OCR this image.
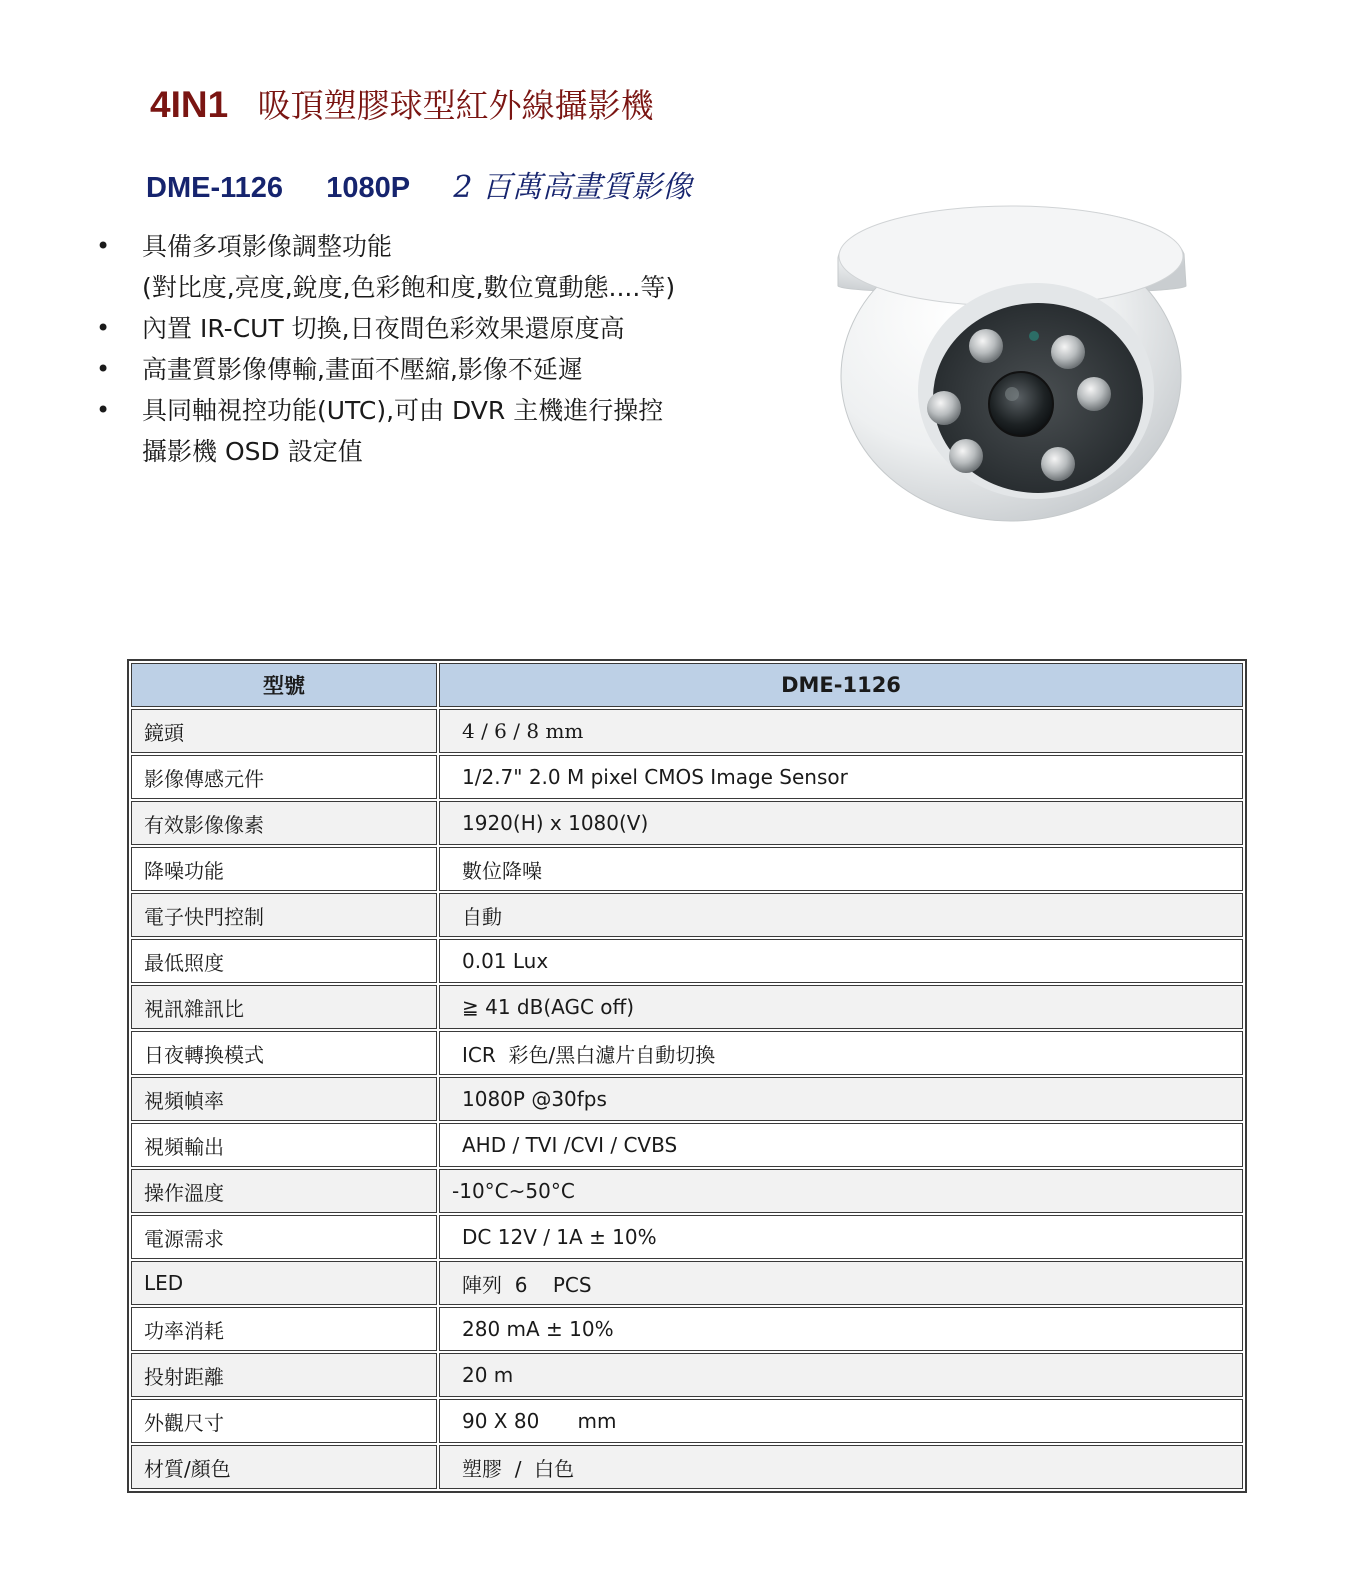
4IN1 吸頂塑膠球型紅外線攝影機
DME-1126 1080P 2 百萬高畫質影像
• 具備多項影像調整功能
(對比度,亮度,銳度,色彩飽和度,數位寬動態....等)
• 內置 IR-CUT 切換,日夜間色彩效果還原度高
• 高畫質影像傳輸,畫面不壓縮,影像不延遲
• 具同軸視控功能(UTC),可由 DVR 主機進行操控
攝影機 OSD 設定值
型號	DME-1126
鏡頭	4 / 6 / 8 mm
影像傳感元件	1/2.7" 2.0 M pixel CMOS Image Sensor
有效影像像素	1920(H) x 1080(V)
降噪功能	數位降噪
電子快門控制	自動
最低照度	0.01 Lux
視訊雜訊比	≧ 41 dB(AGC off)
日夜轉換模式	ICR  彩色/黑白濾片自動切換
視頻幀率	1080P @30fps
視頻輸出	AHD / TVI /CVI / CVBS
操作溫度	-10°C~50°C
電源需求	DC 12V / 1A ± 10%
LED	陣列  6    PCS
功率消耗	280 mA ± 10%
投射距離	20 m
外觀尺寸	90 X 80      mm
材質/顏色	塑膠  /  白色
